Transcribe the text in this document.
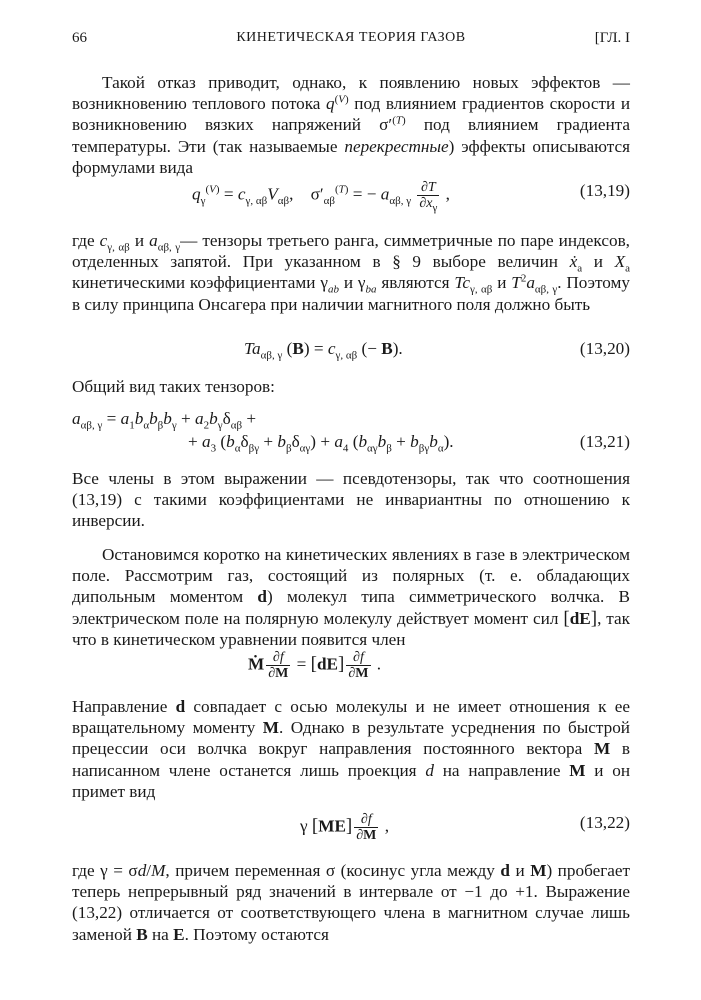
66	КИНЕТИЧЕСКАЯ ТЕОРИЯ ГАЗОВ	[ГЛ. I
Такой отказ приводит, однако, к появлению новых эффектов — возникновению теплового потока $q^{(V)}$ под влиянием градиентов скорости и возникновению вязких напряжений $\sigma'^{(T)}$ под влиянием градиента температуры. Эти (так называемые перекрестные) эффекты описываются формулами вида
$q_\gamma^{(V)} = c_{\gamma, \alpha\beta}V_{\alpha\beta}$,    $\sigma'_{\alpha\beta}^{(T)}$ = − $a_{\alpha\beta, \gamma} \frac{\partial T}{\partial x_\gamma}$ ,	(13,19)
где $c_{\gamma, \alpha\beta}$ и $a_{\alpha\beta, \gamma}—$ тензоры третьего ранга, симметричные по паре индексов, отделенных запятой. При указанном в § 9 выборе величин ẋ$_a$ и $X_a$ кинетическими коэффициентами $\gamma_{ab}$ и $\gamma_{ba}$ являются $Tc_{\gamma, \alpha\beta}$ и $T^2a_{\alpha\beta, \gamma}$. Поэтому в силу принципа Онсагера при наличии магнитного поля должно быть
$Ta_{\alpha\beta, \gamma}$ $(B) = c_{\gamma, \alpha\beta}$ (− B).	(13,20)
Общий вид таких тензоров:
$a_{\alpha\beta, \gamma} = a_1b_\alpha b_\beta b_\gamma + a_2b_\gamma\delta_{\alpha\beta}$ +
+ $a_3$ $(b_\alpha\delta_{\beta\gamma} + b_\beta\delta_{\alpha\gamma}) + a_4$ $(b_{\alpha\gamma}b_\beta + b_{\beta\gamma}b_\alpha)$.	(13,21)
Все члены в этом выражении — псевдотензоры, так что соотношения (13,19) с такими коэффициентами не инвариантны по отношению к инверсии.
Остановимся коротко на кинетических явлениях в газе в электрическом поле. Рассмотрим газ, состоящий из полярных (т. е. обладающих дипольным моментом d) молекул типа симметрического волчка. В электрическом поле на полярную молекулу действует момент сил [dE], так что в кинетическом уравнении появится член
Ṁ $\frac{\partial f}{\partial M} = [dE] \frac{\partial f}{\partial M}$ .
Направление d совпадает с осью молекулы и не имеет отношения к ее вращательному моменту M. Однако в результате усреднения по быстрой прецессии оси волчка вокруг направления постоянного вектора M в написанном члене останется лишь проекция d на направление M и он примет вид
γ $[ME] \frac{\partial f}{\partial M}$ ,	(13,22)
где γ = σd/M, причем переменная σ (косинус угла между d и M) пробегает теперь непрерывный ряд значений в интервале от −1 до +1. Выражение (13,22) отличается от соответствующего члена в магнитном случае лишь заменой B на E. Поэтому остаются
